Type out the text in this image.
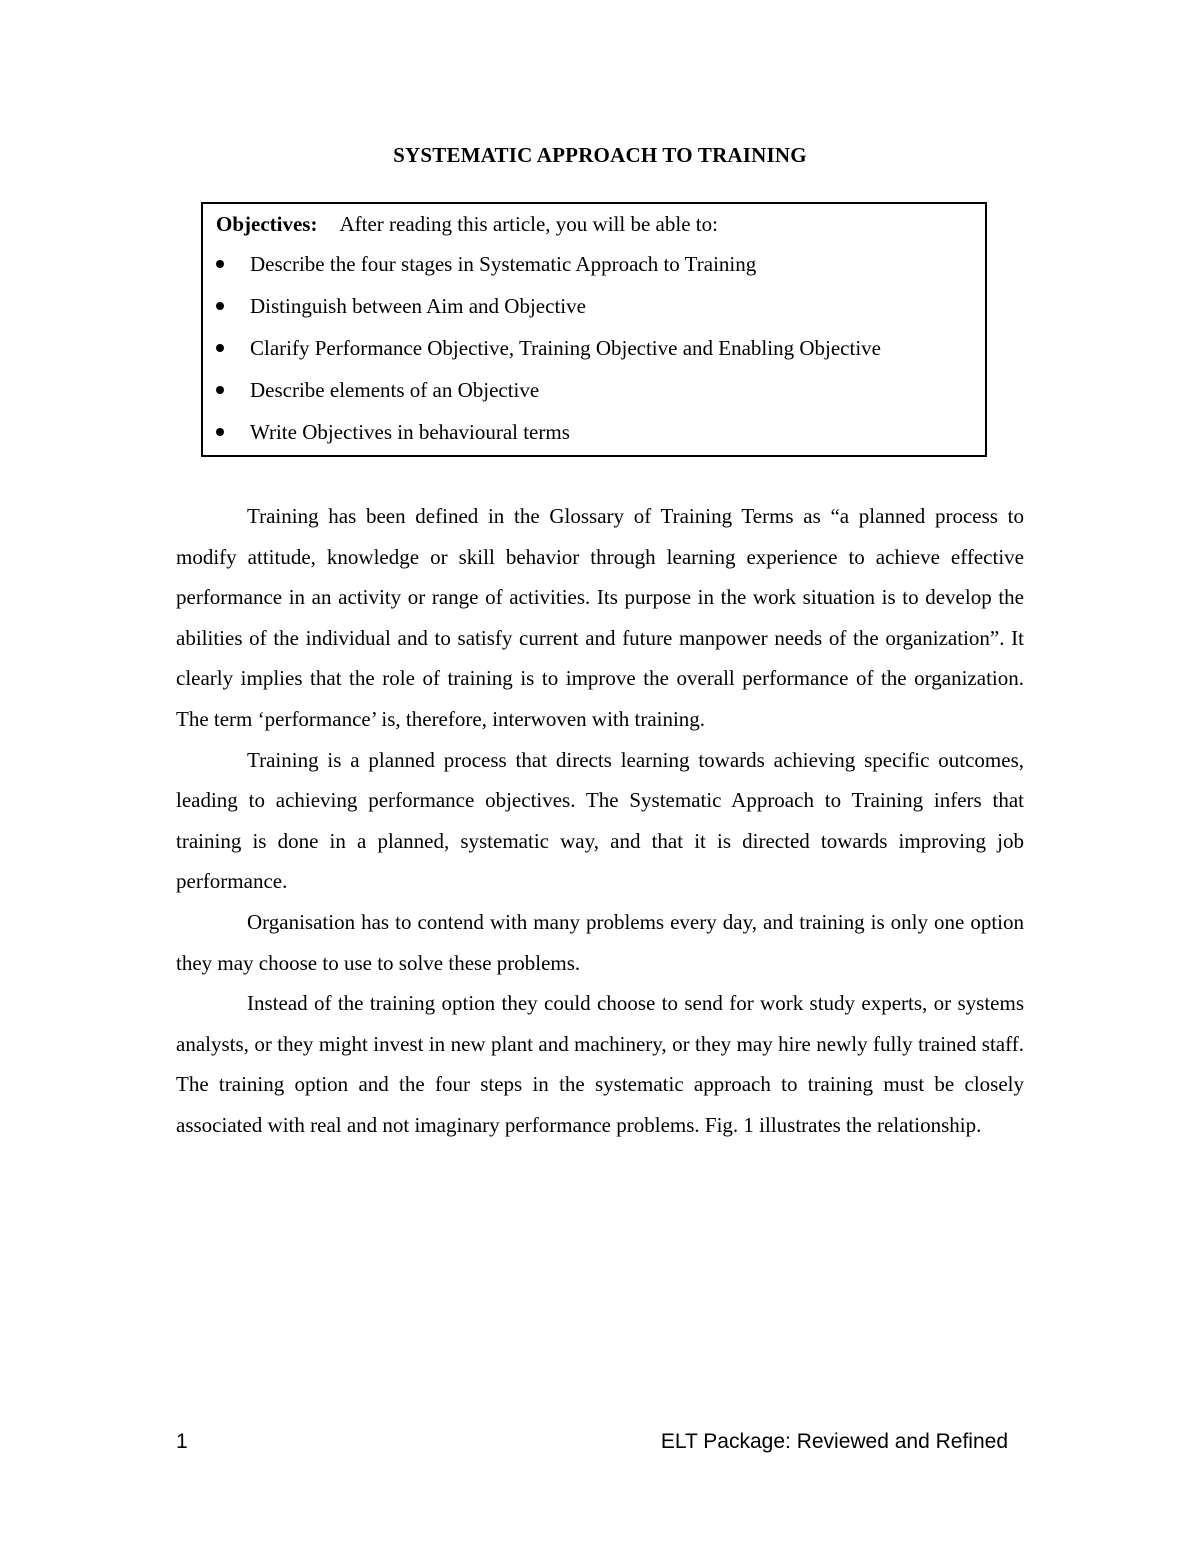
SYSTEMATIC APPROACH TO TRAINING
Objectives: After reading this article, you will be able to:
Describe the four stages in Systematic Approach to Training
Distinguish between Aim and Objective
Clarify Performance Objective, Training Objective and Enabling Objective
Describe elements of an Objective
Write Objectives in behavioural terms

Training has been defined in the Glossary of Training Terms as “a planned process to modify attitude, knowledge or skill behavior through learning experience to achieve effective performance in an activity or range of activities. Its purpose in the work situation is to develop the abilities of the individual and to satisfy current and future manpower needs of the organization”. It clearly implies that the role of training is to improve the overall performance of the organization. The term ‘performance’ is, therefore, interwoven with training.

Training is a planned process that directs learning towards achieving specific outcomes, leading to achieving performance objectives. The Systematic Approach to Training infers that training is done in a planned, systematic way, and that it is directed towards improving job performance.

Organisation has to contend with many problems every day, and training is only one option they may choose to use to solve these problems.

Instead of the training option they could choose to send for work study experts, or systems analysts, or they might invest in new plant and machinery, or they may hire newly fully trained staff. The training option and the four steps in the systematic approach to training must be closely associated with real and not imaginary performance problems. Fig. 1 illustrates the relationship.

1	ELT Package: Reviewed and Refined
